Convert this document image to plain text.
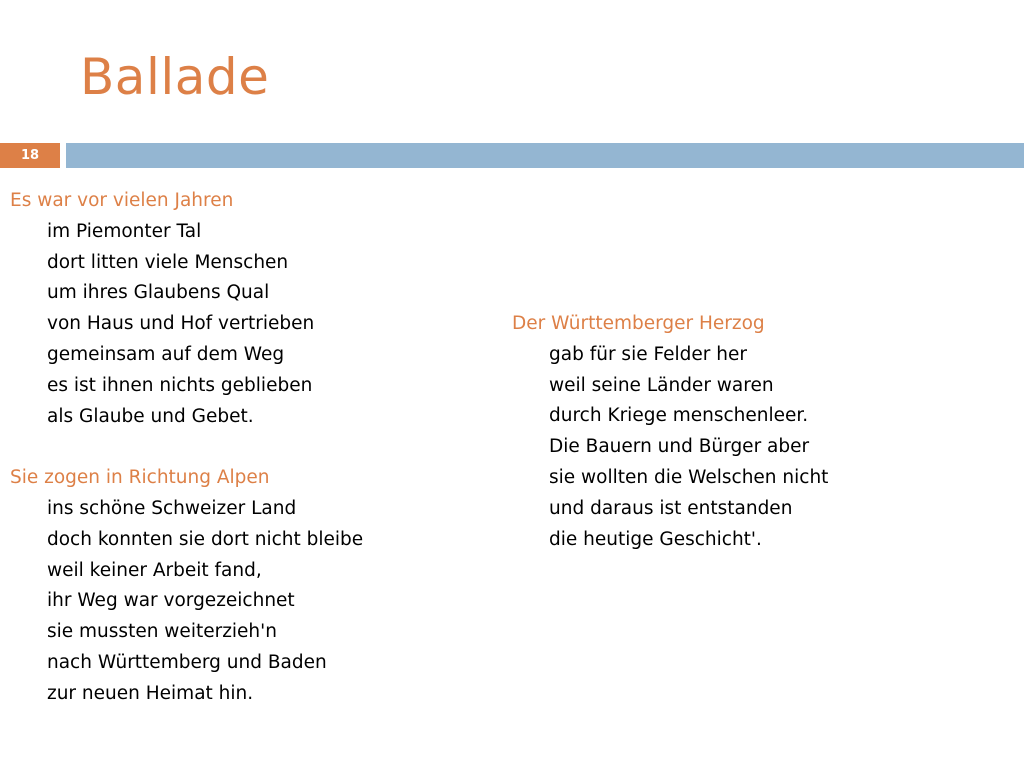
Ballade
18
Es war vor vielen Jahren
im Piemonter Tal
dort litten viele Menschen
um ihres Glaubens Qual
von Haus und Hof vertrieben
gemeinsam auf dem Weg
es ist ihnen nichts geblieben
als Glaube und Gebet.
Sie zogen in Richtung Alpen
ins schöne Schweizer Land
doch konnten sie dort nicht bleibe
weil keiner Arbeit fand,
ihr Weg war vorgezeichnet
sie mussten weiterzieh'n
nach Württemberg und Baden
zur neuen Heimat hin.
Der Württemberger Herzog
gab für sie Felder her
weil seine Länder waren
durch Kriege menschenleer.
Die Bauern und Bürger aber
sie wollten die Welschen nicht
und daraus ist entstanden
die heutige Geschicht'.
